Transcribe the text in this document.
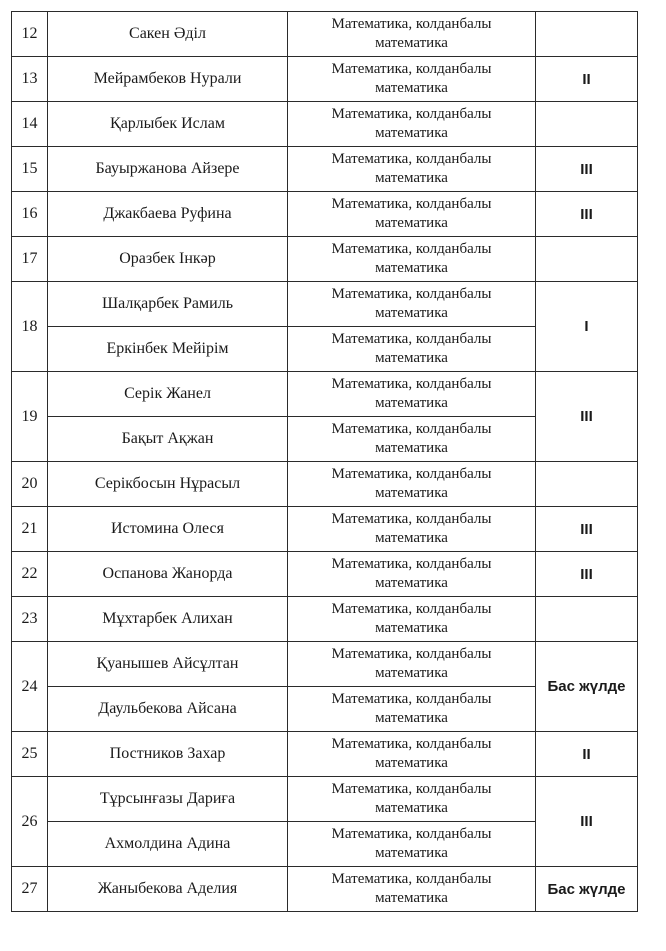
12	Сакен Әділ	Математика, колданбалы
математика	

13	Мейрамбеков Нурали	Математика, колданбалы
математика	II
14	Қарлыбек Ислам	Математика, колданбалы
математика	

15	Бауыржанова Айзере	Математика, колданбалы
математика	III
16	Джакбаева Руфина	Математика, колданбалы
математика	III
17	Оразбек Інкәр	Математика, колданбалы
математика	

18	Шалқарбек Рамиль	Математика, колданбалы
математика	I
	Еркінбек Мейірім	Математика, колданбалы
математика	

19	Серік Жанел	Математика, колданбалы
математика	III
	Бақыт Ақжан	Математика, колданбалы
математика	

20	Серікбосын Нұрасыл	Математика, колданбалы
математика	

21	Истомина Олеся	Математика, колданбалы
математика	III
22	Оспанова Жанорда	Математика, колданбалы
математика	III
23	Мұхтарбек Алихан	Математика, колданбалы
математика	

24	Қуанышев Айсұлтан	Математика, колданбалы
математика	Бас жүлде
	Даульбекова Айсана	Математика, колданбалы
математика	

25	Постников Захар	Математика, колданбалы
математика	II
26	Тұрсынғазы Дариға	Математика, колданбалы
математика	III
	Ахмолдина Адина	Математика, колданбалы
математика	

27	Жаныбекова Аделия	Математика, колданбалы
математика	Бас жүлде
